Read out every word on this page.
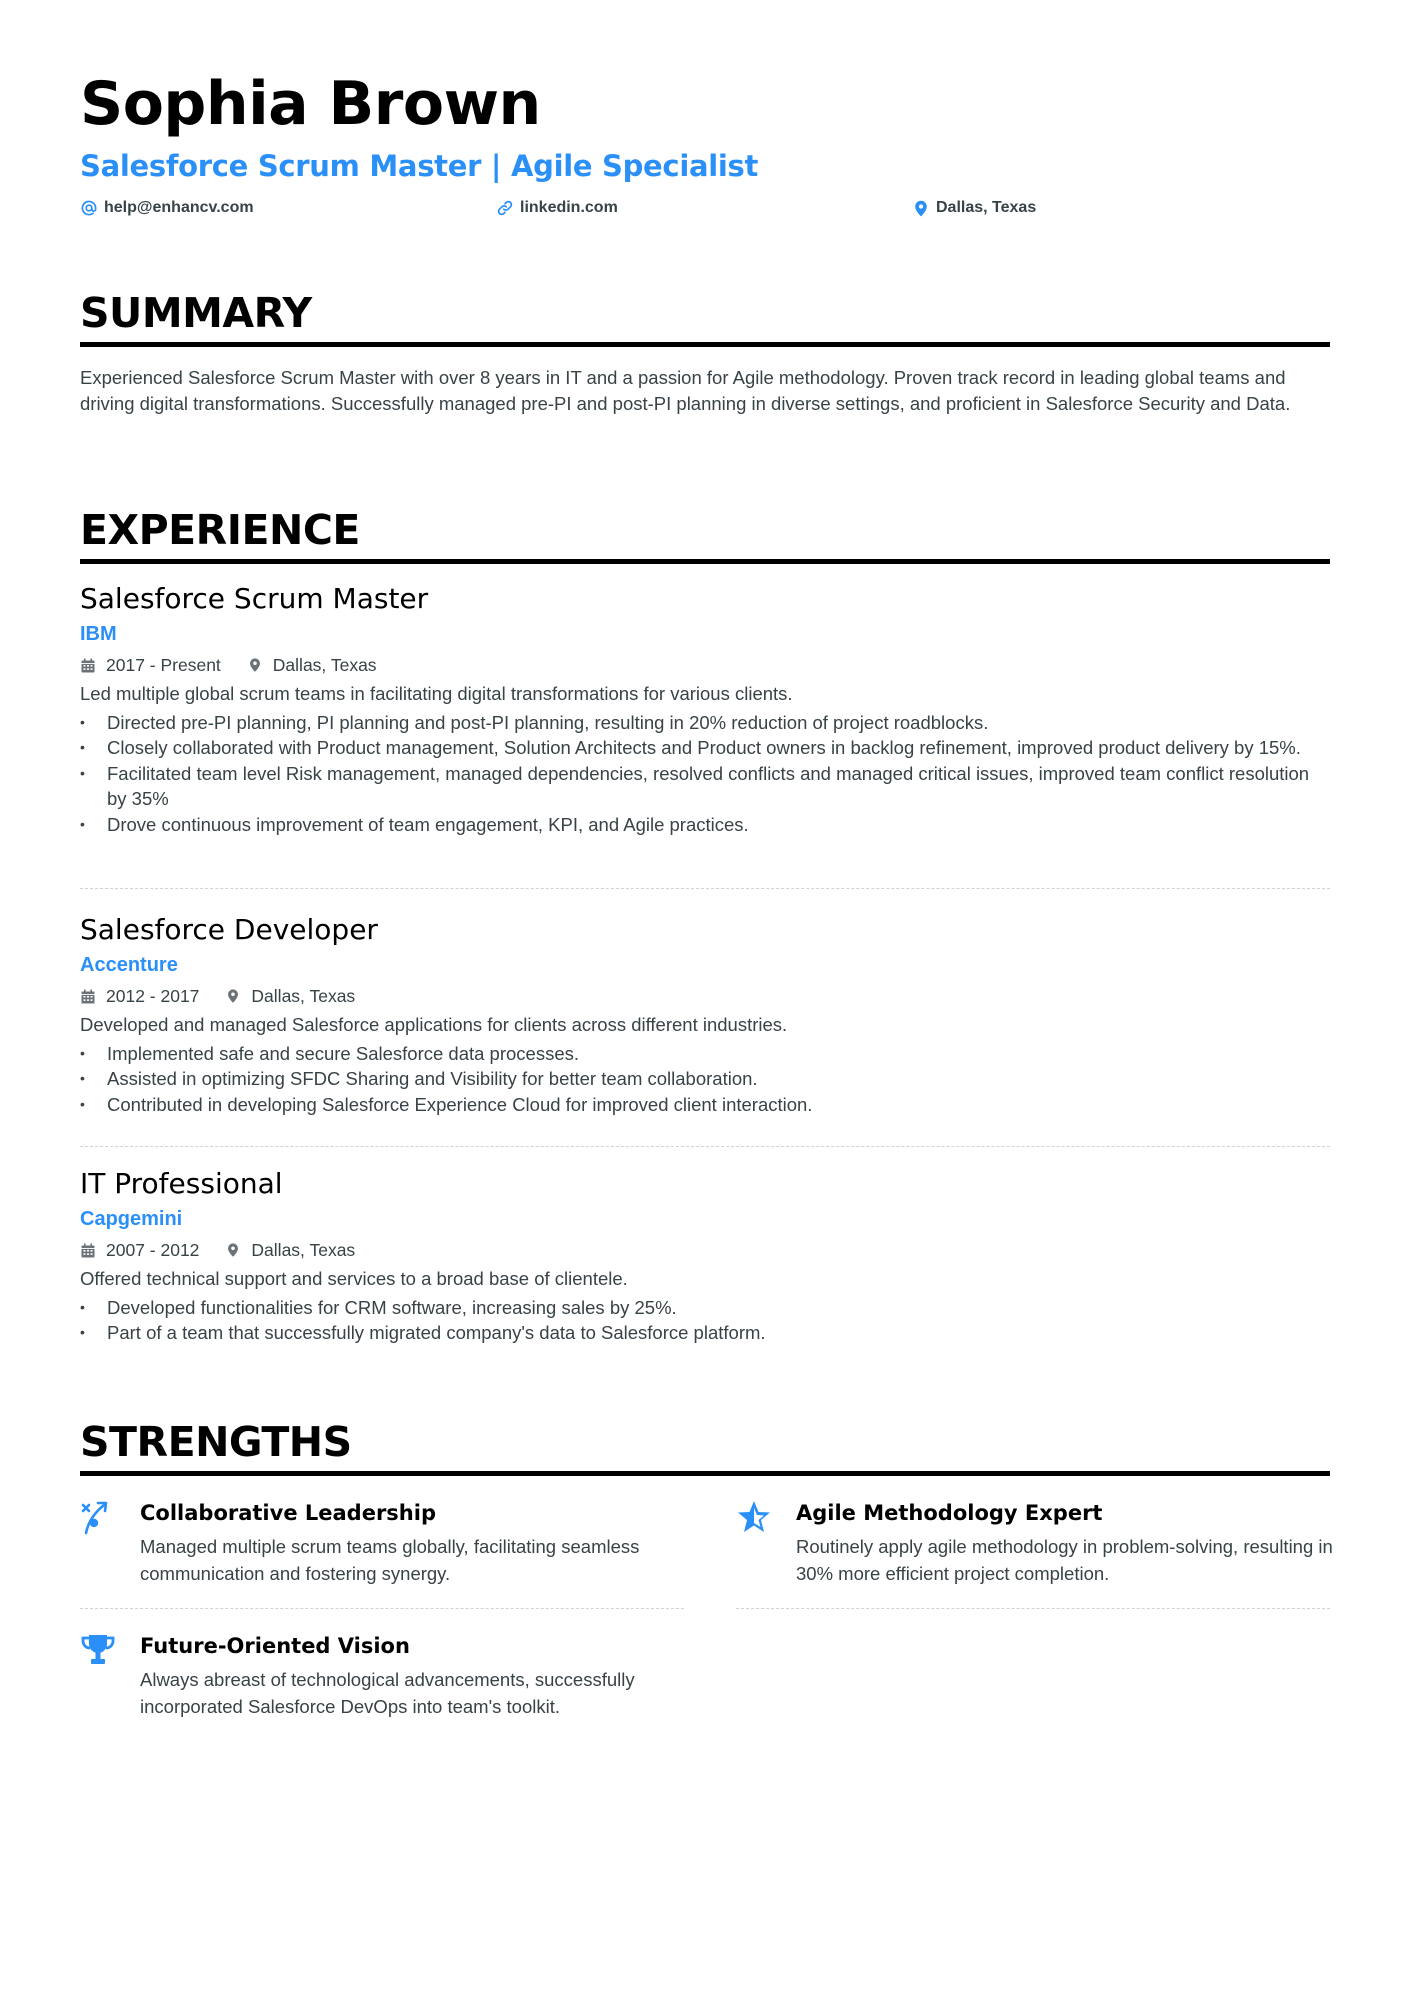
Sophia Brown
Salesforce Scrum Master | Agile Specialist
help@enhancv.com	linkedin.com	Dallas, Texas
SUMMARY
Experienced Salesforce Scrum Master with over 8 years in IT and a passion for Agile methodology. Proven track record in leading global teams and driving digital transformations. Successfully managed pre-PI and post-PI planning in diverse settings, and proficient in Salesforce Security and Data.
EXPERIENCE
Salesforce Scrum Master
IBM
2017 - Present	Dallas, Texas
Led multiple global scrum teams in facilitating digital transformations for various clients.
• Directed pre-PI planning, PI planning and post-PI planning, resulting in 20% reduction of project roadblocks.
• Closely collaborated with Product management, Solution Architects and Product owners in backlog refinement, improved product delivery by 15%.
• Facilitated team level Risk management, managed dependencies, resolved conflicts and managed critical issues, improved team conflict resolution by 35%
• Drove continuous improvement of team engagement, KPI, and Agile practices.
Salesforce Developer
Accenture
2012 - 2017	Dallas, Texas
Developed and managed Salesforce applications for clients across different industries.
• Implemented safe and secure Salesforce data processes.
• Assisted in optimizing SFDC Sharing and Visibility for better team collaboration.
• Contributed in developing Salesforce Experience Cloud for improved client interaction.
IT Professional
Capgemini
2007 - 2012	Dallas, Texas
Offered technical support and services to a broad base of clientele.
• Developed functionalities for CRM software, increasing sales by 25%.
• Part of a team that successfully migrated company's data to Salesforce platform.
STRENGTHS
Collaborative Leadership
Managed multiple scrum teams globally, facilitating seamless communication and fostering synergy.
Agile Methodology Expert
Routinely apply agile methodology in problem-solving, resulting in 30% more efficient project completion.
Future-Oriented Vision
Always abreast of technological advancements, successfully incorporated Salesforce DevOps into team's toolkit.
